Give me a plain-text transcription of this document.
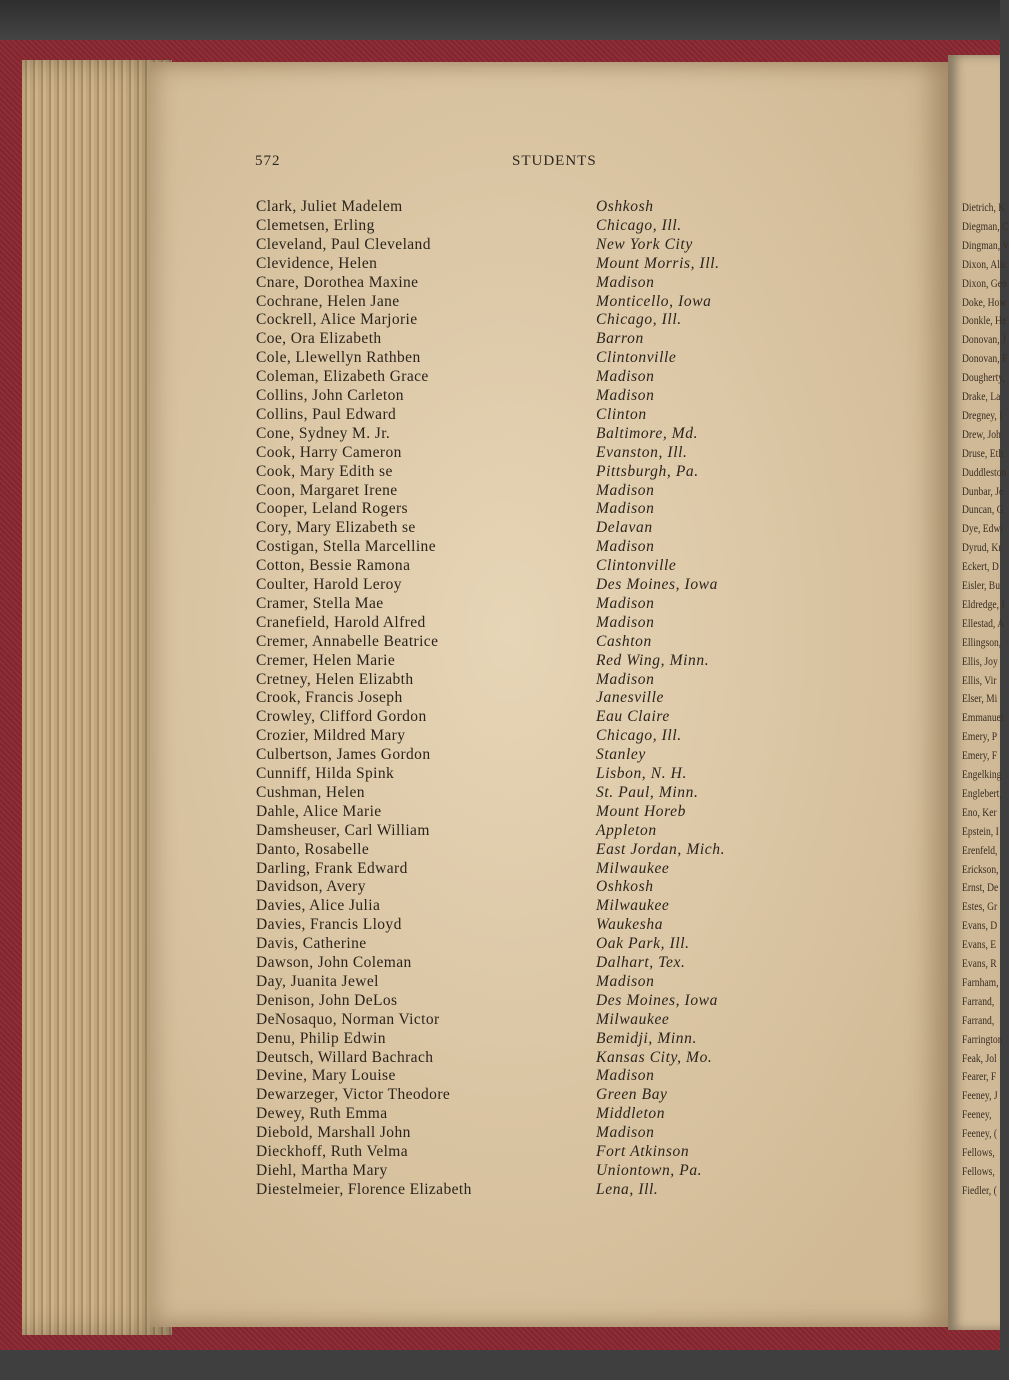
Dietrich, K
Diegman, C
Dingman, V
Dixon, Alic
Dixon, Geo
Doke, How
Donkle, He
Donovan, J
Donovan, F
Dougherty,
Drake, La
Dregney, I
Drew, Joh
Druse, Eth
Duddleston
Dunbar, Je
Duncan, G
Dye, Edwi
Dyrud, Kr
Eckert, D
Eisler, Bu
Eldredge, I
Ellestad, A
Ellingson,
Ellis, Joy
Ellis, Vir
Elser, Mi
Emmanuel
Emery, P
Emery, F
Engelking
Englebert,
Eno, Ker
Epstein, I
Erenfeld,
Erickson,
Ernst, De
Estes, Gr
Evans, D
Evans, E
Evans, R
Farnham,
Farrand,
Farrand,
Farrington
Feak, Jol
Fearer, F
Feeney, J
Feeney,
Feeney, (
Fellows,
Fellows,
Fiedler, (
572	STUDENTS
Clark, Juliet Madelem	Oshkosh
Clemetsen, Erling	Chicago, Ill.
Cleveland, Paul Cleveland	New York City
Clevidence, Helen	Mount Morris, Ill.
Cnare, Dorothea Maxine	Madison
Cochrane, Helen Jane	Monticello, Iowa
Cockrell, Alice Marjorie	Chicago, Ill.
Coe, Ora Elizabeth	Barron
Cole, Llewellyn Rathben	Clintonville
Coleman, Elizabeth Grace	Madison
Collins, John Carleton	Madison
Collins, Paul Edward	Clinton
Cone, Sydney M. Jr.	Baltimore, Md.
Cook, Harry Cameron	Evanston, Ill.
Cook, Mary Edith se	Pittsburgh, Pa.
Coon, Margaret Irene	Madison
Cooper, Leland Rogers	Madison
Cory, Mary Elizabeth se	Delavan
Costigan, Stella Marcelline	Madison
Cotton, Bessie Ramona	Clintonville
Coulter, Harold Leroy	Des Moines, Iowa
Cramer, Stella Mae	Madison
Cranefield, Harold Alfred	Madison
Cremer, Annabelle Beatrice	Cashton
Cremer, Helen Marie	Red Wing, Minn.
Cretney, Helen Elizabth	Madison
Crook, Francis Joseph	Janesville
Crowley, Clifford Gordon	Eau Claire
Crozier, Mildred Mary	Chicago, Ill.
Culbertson, James Gordon	Stanley
Cunniff, Hilda Spink	Lisbon, N. H.
Cushman, Helen	St. Paul, Minn.
Dahle, Alice Marie	Mount Horeb
Damsheuser, Carl William	Appleton
Danto, Rosabelle	East Jordan, Mich.
Darling, Frank Edward	Milwaukee
Davidson, Avery	Oshkosh
Davies, Alice Julia	Milwaukee
Davies, Francis Lloyd	Waukesha
Davis, Catherine	Oak Park, Ill.
Dawson, John Coleman	Dalhart, Tex.
Day, Juanita Jewel	Madison
Denison, John DeLos	Des Moines, Iowa
DeNosaquo, Norman Victor	Milwaukee
Denu, Philip Edwin	Bemidji, Minn.
Deutsch, Willard Bachrach	Kansas City, Mo.
Devine, Mary Louise	Madison
Dewarzeger, Victor Theodore	Green Bay
Dewey, Ruth Emma	Middleton
Diebold, Marshall John	Madison
Dieckhoff, Ruth Velma	Fort Atkinson
Diehl, Martha Mary	Uniontown, Pa.
Diestelmeier, Florence Elizabeth	Lena, Ill.
